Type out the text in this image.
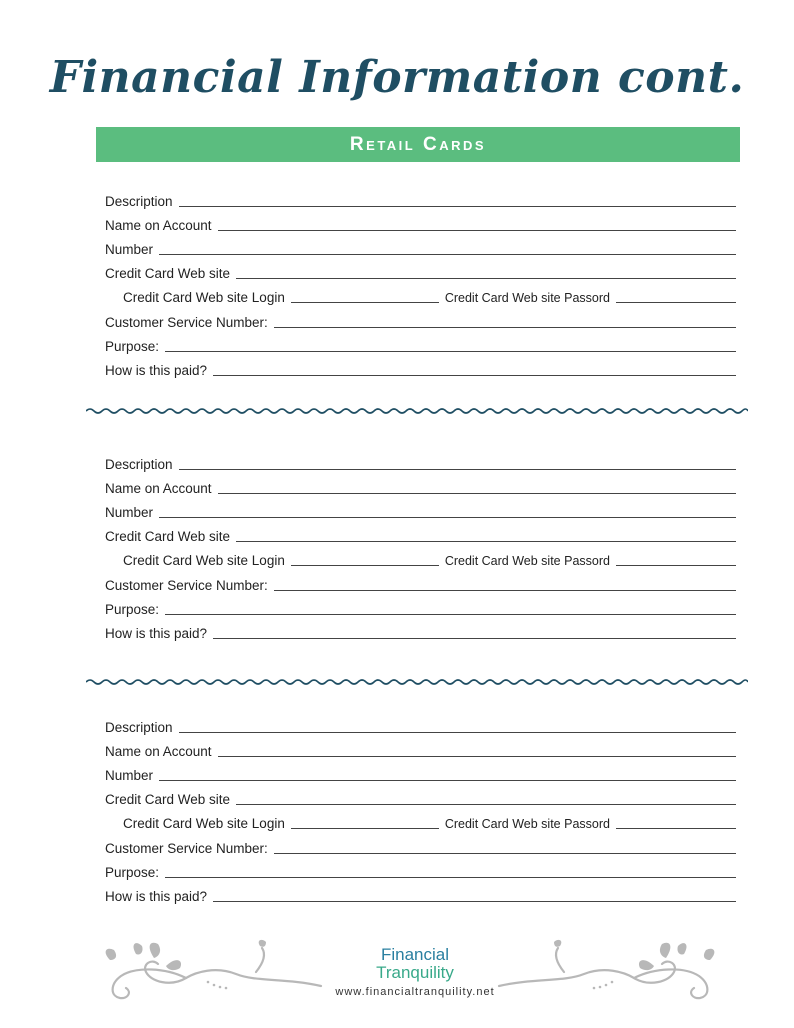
Financial Information cont.
Retail Cards
Description
Name on Account
Number
Credit Card Web site
Credit Card Web site Login	Credit Card Web site Passord
Customer Service Number:
Purpose:
How is this paid?
Description
Name on Account
Number
Credit Card Web site
Credit Card Web site Login	Credit Card Web site Passord
Customer Service Number:
Purpose:
How is this paid?
Description
Name on Account
Number
Credit Card Web site
Credit Card Web site Login	Credit Card Web site Passord
Customer Service Number:
Purpose:
How is this paid?
Financial
Tranquility
www.financialtranquility.net
